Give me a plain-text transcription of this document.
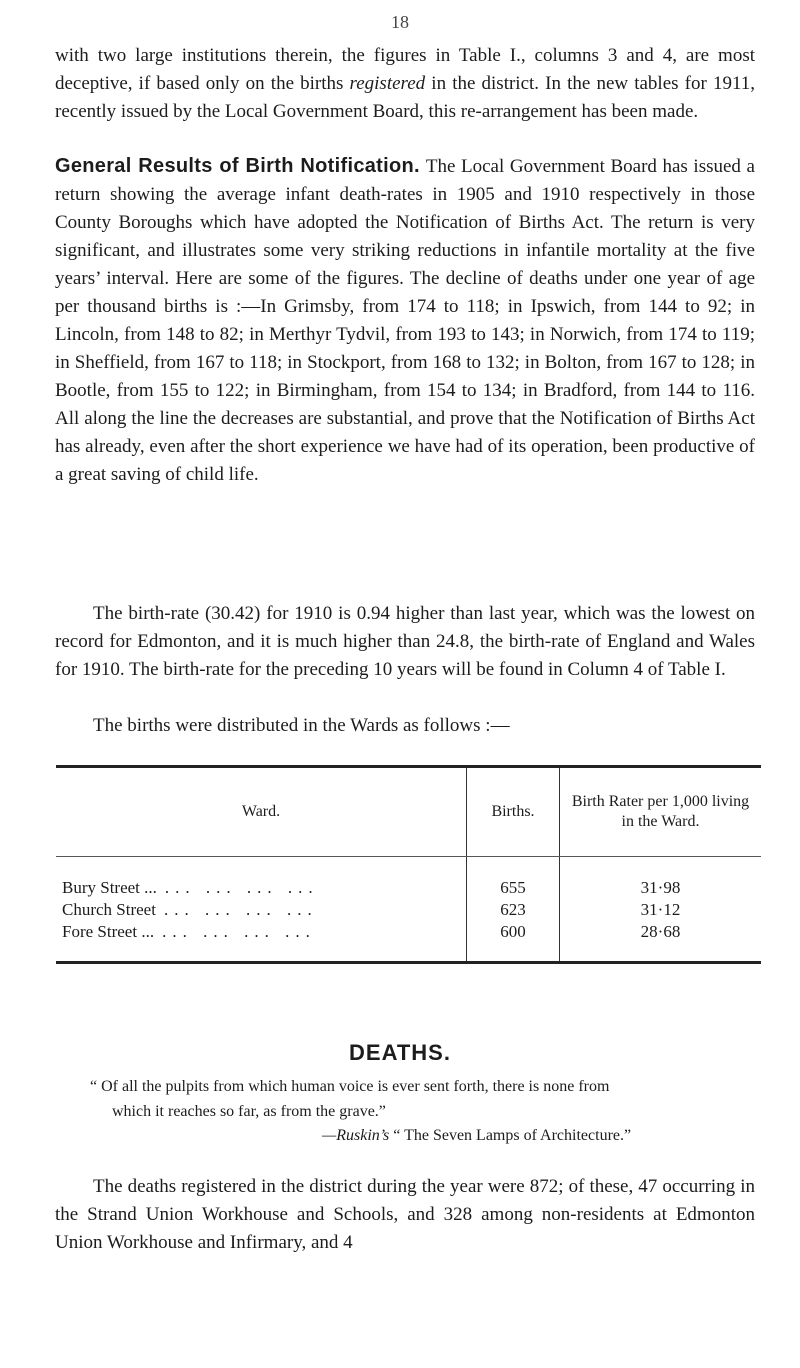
18

with two large institutions therein, the figures in Table I., columns 3 and 4, are most deceptive, if based only on the births registered in the district. In the new tables for 1911, recently issued by the Local Government Board, this re-arrangement has been made.

General Results of Birth Notification. The Local Government Board has issued a return showing the average infant death-rates in 1905 and 1910 respectively in those County Boroughs which have adopted the Notification of Births Act. The return is very significant, and illustrates some very striking reductions in infantile mortality at the five years’ interval. Here are some of the figures. The decline of deaths under one year of age per thousand births is :—In Grimsby, from 174 to 118; in Ipswich, from 144 to 92; in Lincoln, from 148 to 82; in Merthyr Tydvil, from 193 to 143; in Norwich, from 174 to 119; in Sheffield, from 167 to 118; in Stockport, from 168 to 132; in Bolton, from 167 to 128; in Bootle, from 155 to 122; in Birmingham, from 154 to 134; in Bradford, from 144 to 116. All along the line the decreases are substantial, and prove that the Notification of Births Act has already, even after the short experience we have had of its operation, been productive of a great saving of child life.

The birth-rate (30.42) for 1910 is 0.94 higher than last year, which was the lowest on record for Edmonton, and it is much higher than 24.8, the birth-rate of England and Wales for 1910. The birth-rate for the preceding 10 years will be found in Column 4 of Table I.

The births were distributed in the Wards as follows :—

Ward.	Births.	Birth Rater per 1,000 living in the Ward.
Bury Street ... ... ... ... ...	655	31·98
Church Street ... ... ... ...	623	31·12
Fore Street ... ... ... ... ...	600	28·68
DEATHS.

“ Of all the pulpits from which human voice is ever sent forth, there is none from
which it reaches so far, as from the grave.”

—Ruskin’s “ The Seven Lamps of Architecture.”

The deaths registered in the district during the year were 872; of these, 47 occurring in the Strand Union Workhouse and Schools, and 328 among non-residents at Edmonton Union Workhouse and Infirmary, and 4
